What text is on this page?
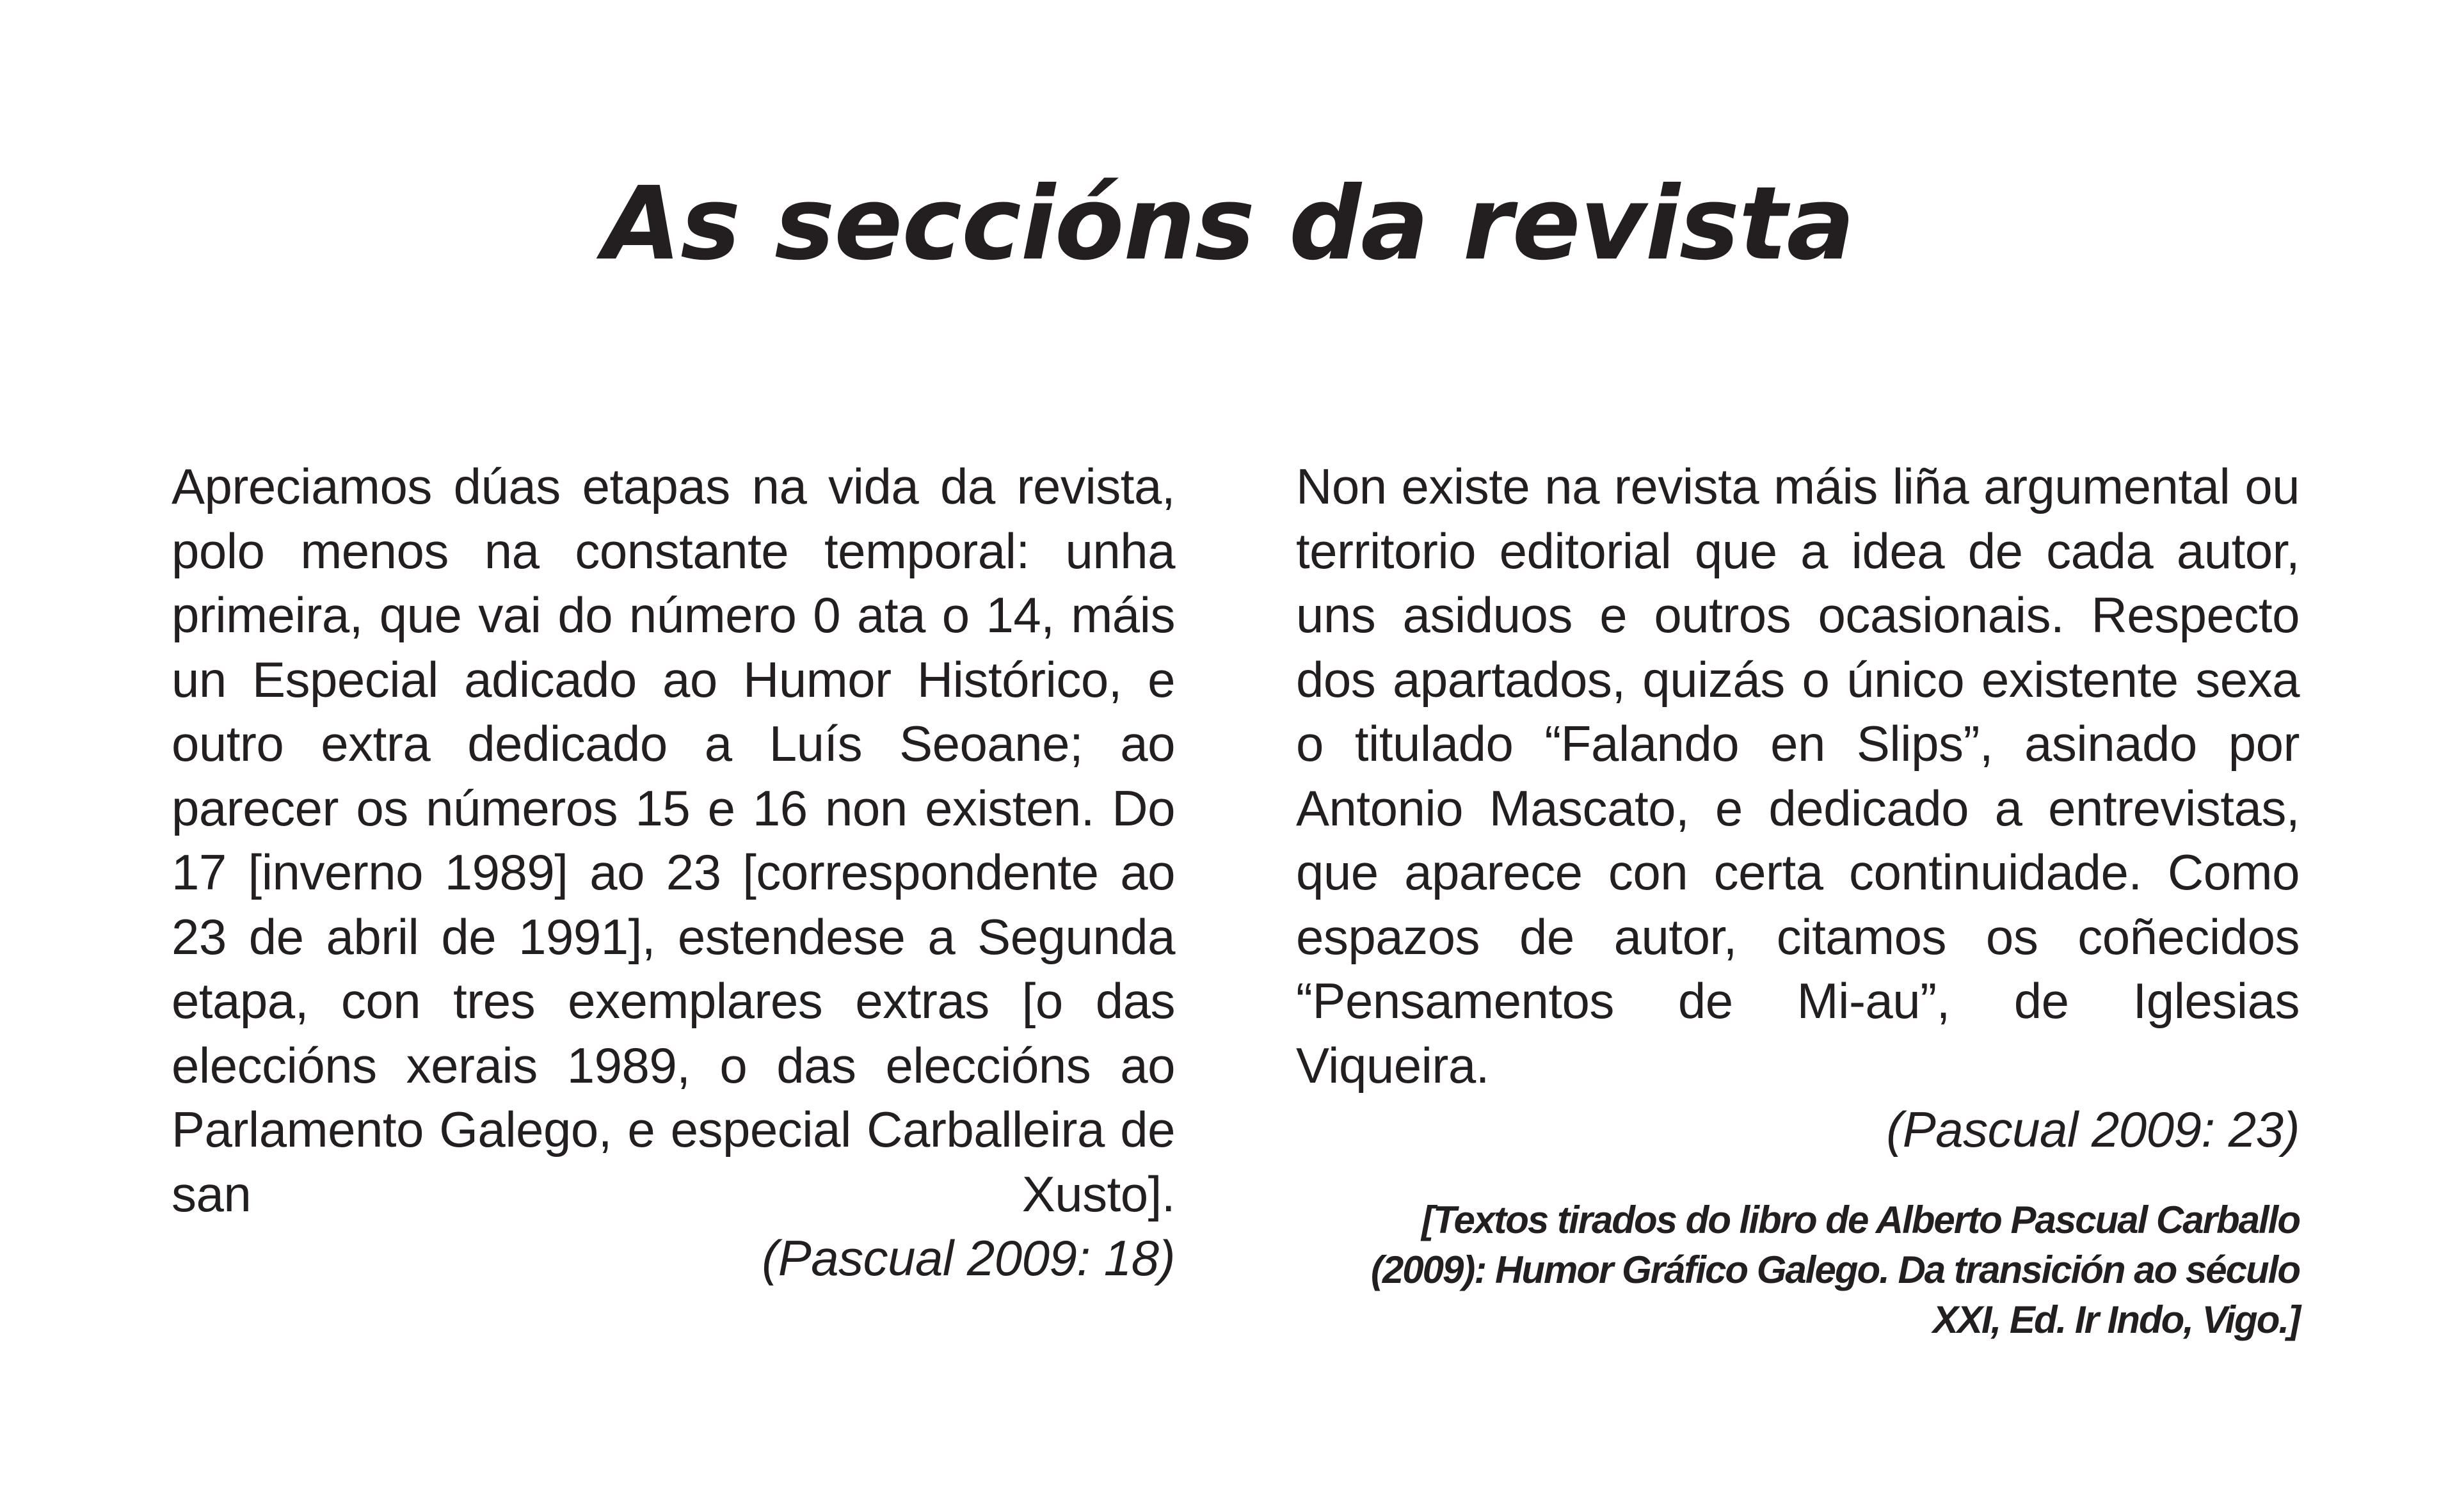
As seccións da revista

Apreciamos dúas etapas na vida da revista, polo menos na constante temporal: unha primeira, que vai do número 0 ata o 14, máis un Especial adicado ao Humor Histórico, e outro extra dedicado a Luís Seoane; ao parecer os números 15 e 16 non existen. Do 17 [inverno 1989] ao 23 [correspondente ao 23 de abril de 1991], estendese a Segunda etapa, con tres exemplares extras [o das eleccións xerais 1989, o das eleccións ao Parlamento Galego, e especial Carballeira de san Xusto].

(Pascual 2009: 18)

Non existe na revista máis liña argumental ou territorio editorial que a idea de cada autor, uns asiduos e outros ocasionais. Respecto dos apartados, quizás o único existente sexa o titulado “Falando en Slips”, asinado por Antonio Mascato, e dedicado a entrevistas, que aparece con certa continuidade. Como espazos de autor, citamos os coñecidos “Pensamentos de Mi-au”, de Iglesias Viqueira.

(Pascual 2009: 23)

[Textos tirados do libro de Alberto Pascual Carballo (2009): Humor Gráfico Galego. Da transición ao século XXI, Ed. Ir Indo, Vigo.]
